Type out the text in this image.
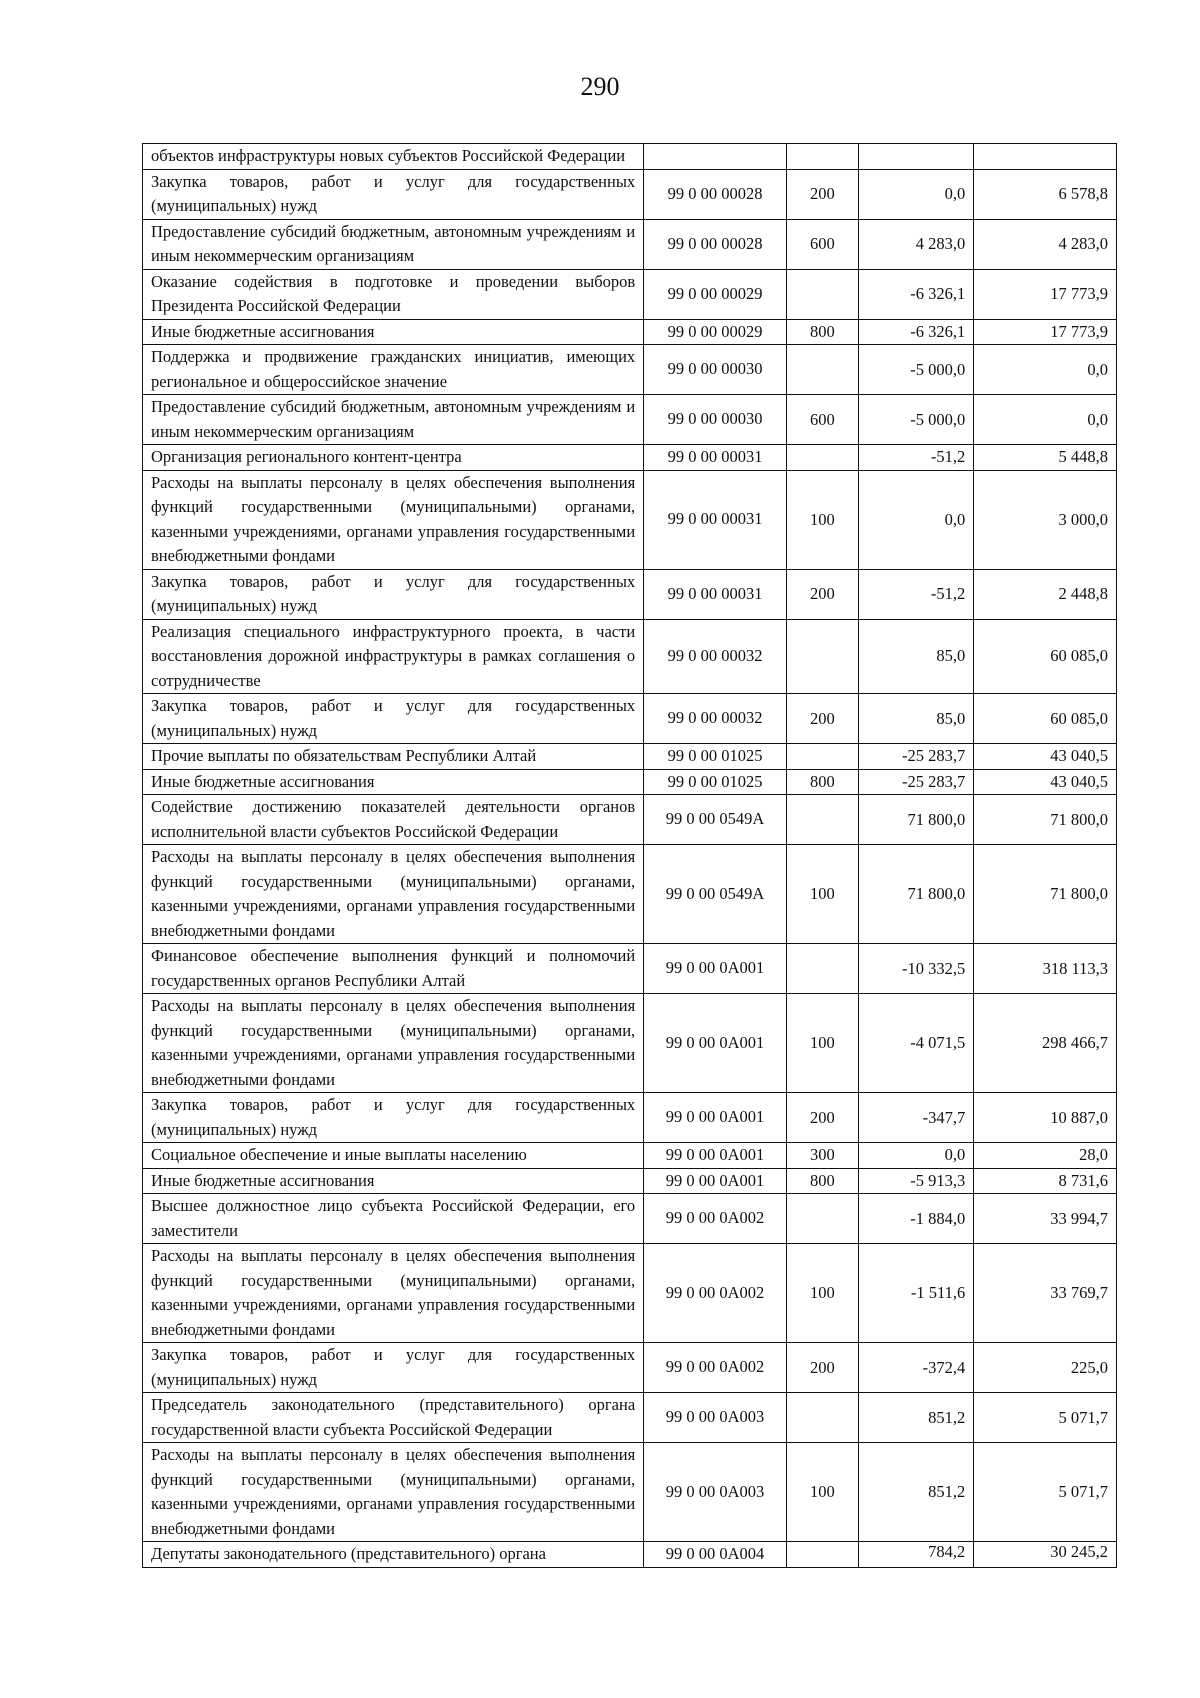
290
объектов инфраструктуры новых субъектов Российской Федерации				
Закупка товаров, работ и услуг для государственных (муниципальных) нужд	99 0 00 00028	200	0,0	6 578,8
Предоставление субсидий бюджетным, автономным учреждениям и иным некоммерческим организациям	99 0 00 00028	600	4 283,0	4 283,0
Оказание содействия в подготовке и проведении выборов Президента Российской Федерации	99 0 00 00029		-6 326,1	17 773,9
Иные бюджетные ассигнования	99 0 00 00029	800	-6 326,1	17 773,9
Поддержка и продвижение гражданских инициатив, имеющих региональное и общероссийское значение	99 0 00 00030		-5 000,0	0,0
Предоставление субсидий бюджетным, автономным учреждениям и иным некоммерческим организациям	99 0 00 00030	600	-5 000,0	0,0
Организация регионального контент-центра	99 0 00 00031		-51,2	5 448,8
Расходы на выплаты персоналу в целях обеспечения выполнения функций государственными (муниципальными) органами, казенными учреждениями, органами управления государственными внебюджетными фондами	99 0 00 00031	100	0,0	3 000,0
Закупка товаров, работ и услуг для государственных (муниципальных) нужд	99 0 00 00031	200	-51,2	2 448,8
Реализация специального инфраструктурного проекта, в части восстановления дорожной инфраструктуры в рамках соглашения о сотрудничестве	99 0 00 00032		85,0	60 085,0
Закупка товаров, работ и услуг для государственных (муниципальных) нужд	99 0 00 00032	200	85,0	60 085,0
Прочие выплаты по обязательствам Республики Алтай	99 0 00 01025		-25 283,7	43 040,5
Иные бюджетные ассигнования	99 0 00 01025	800	-25 283,7	43 040,5
Содействие достижению показателей деятельности органов исполнительной власти субъектов Российской Федерации	99 0 00 0549А		71 800,0	71 800,0
Расходы на выплаты персоналу в целях обеспечения выполнения функций государственными (муниципальными) органами, казенными учреждениями, органами управления государственными внебюджетными фондами	99 0 00 0549А	100	71 800,0	71 800,0
Финансовое обеспечение выполнения функций и полномочий государственных органов Республики Алтай	99 0 00 0А001		-10 332,5	318 113,3
Расходы на выплаты персоналу в целях обеспечения выполнения функций государственными (муниципальными) органами, казенными учреждениями, органами управления государственными внебюджетными фондами	99 0 00 0А001	100	-4 071,5	298 466,7
Закупка товаров, работ и услуг для государственных (муниципальных) нужд	99 0 00 0А001	200	-347,7	10 887,0
Социальное обеспечение и иные выплаты населению	99 0 00 0А001	300	0,0	28,0
Иные бюджетные ассигнования	99 0 00 0А001	800	-5 913,3	8 731,6
Высшее должностное лицо субъекта Российской Федерации, его заместители	99 0 00 0А002		-1 884,0	33 994,7
Расходы на выплаты персоналу в целях обеспечения выполнения функций государственными (муниципальными) органами, казенными учреждениями, органами управления государственными внебюджетными фондами	99 0 00 0А002	100	-1 511,6	33 769,7
Закупка товаров, работ и услуг для государственных (муниципальных) нужд	99 0 00 0А002	200	-372,4	225,0
Председатель законодательного (представительного) органа государственной власти субъекта Российской Федерации	99 0 00 0А003		851,2	5 071,7
Расходы на выплаты персоналу в целях обеспечения выполнения функций государственными (муниципальными) органами, казенными учреждениями, органами управления государственными внебюджетными фондами	99 0 00 0А003	100	851,2	5 071,7
Депутаты законодательного (представительного) органа	99 0 00 0А004		784,2	30 245,2
